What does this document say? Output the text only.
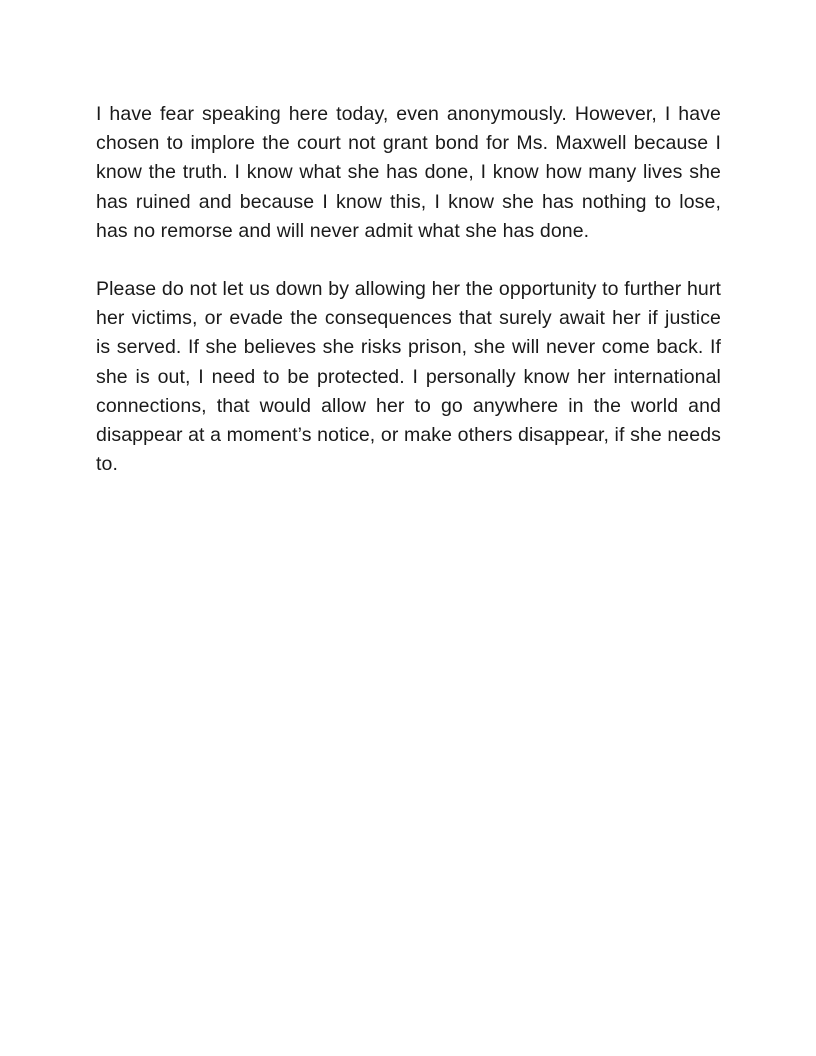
I have fear speaking here today, even anonymously. However, I have chosen to implore the court not grant bond for Ms. Maxwell because I know the truth. I know what she has done, I know how many lives she has ruined and because I know this, I know she has nothing to lose, has no remorse and will never admit what she has done.

Please do not let us down by allowing her the opportunity to further hurt her victims, or evade the consequences that surely await her if justice is served. If she believes she risks prison, she will never come back. If she is out, I need to be protected. I personally know her international connections, that would allow her to go anywhere in the world and disappear at a moment’s notice, or make others disappear, if she needs to.
